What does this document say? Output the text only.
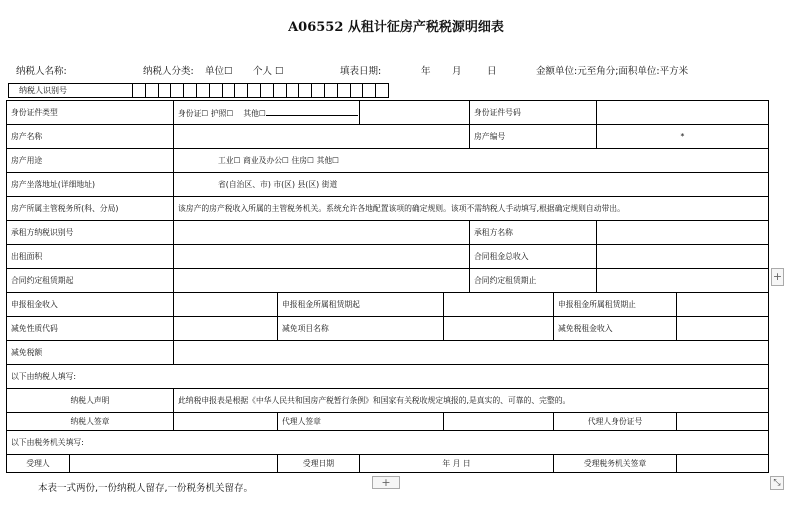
A06552 从租计征房产税税源明细表
纳税人名称:	纳税人分类: 单位☐ 个人 ☐	填表日期:	年 月	日	金额单位:元至角分;面积单位:平方米
纳税人识别号
身份证件类型		身份证☐ 护照☐ 其他☐				身份证件号码			
房产名称						房产编号		*	
房产用途		工业☐ 商业及办公☐ 住房☐ 其他☐							
房产坐落地址(详细地址)		省(自治区、市) 市(区) 县(区) 街道							
房产所属主管税务所(科、分局)		该房产的房产税收入所属的主管税务机关。系统允许各地配置该项的确定规则。该项不需纳税人手动填写,根据确定规则自动带出。							
承租方纳税识别号						承租方名称			
出租面积						合同租金总收入			
合同约定租赁期起						合同约定租赁期止			
申报租金收入			申报租金所属租赁期起				申报租金所属租赁期止		
减免性质代码			减免项目名称				减免税租金收入		
减免税额									
以下由纳税人填写:									
纳税人声明		此纳税申报表是根据《中华人民共和国房产税暂行条例》和国家有关税收规定填报的,是真实的、可靠的、完整的。							
纳税人签章			代理人签章				代理人身份证号		
以下由税务机关填写:									
受理人			受理日期	年 月 日			受理税务机关签章		
本表一式两份,一份纳税人留存,一份税务机关留存。
+
+	⤡
